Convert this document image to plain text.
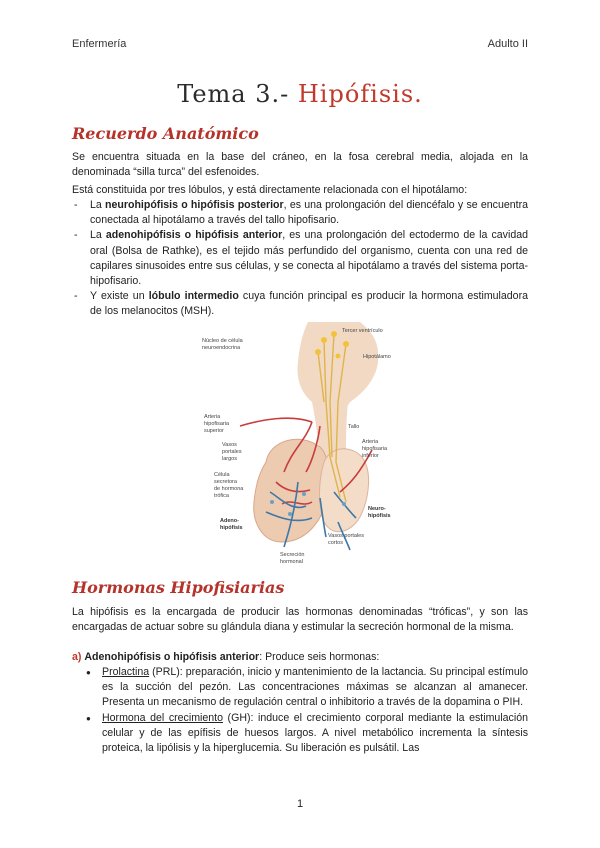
Enfermería	Adulto II
Tema 3.- Hipófisis.
Recuerdo Anatómico
Se encuentra situada en la base del cráneo, en la fosa cerebral media, alojada en la denominada “silla turca” del esfenoides.
Está constituida por tres lóbulos, y está directamente relacionada con el hipotálamo:
- La neurohipófisis o hipófisis posterior, es una prolongación del diencéfalo y se encuentra conectada al hipotálamo a través del tallo hipofisario.
- La adenohipófisis o hipófisis anterior, es una prolongación del ectodermo de la cavidad oral (Bolsa de Rathke), es el tejido más perfundido del organismo, cuenta con una red de capilares sinusoides entre sus células, y se conecta al hipotálamo a través del sistema porta-hipofisario.
- Y existe un lóbulo intermedio cuya función principal es producir la hormona estimuladora de los melanocitos (MSH).
Tercer ventrículo
Núcleo de célula
neuroendocrina
Hipotálamo
Arteria
hipofisaria
superior
Tallo
Vasos
portales
largos
Arteria
hipofisaria
inferior
Célula
secretora
de hormona
trófica
Adeno-
hipófisis
Neuro-
hipófisis
Vasos portales
cortos
Secreción
hormonal
Hormonas Hipofisiarias
La hipófisis es la encargada de producir las hormonas denominadas “tróficas”, y son las encargadas de actuar sobre su glándula diana y estimular la secreción hormonal de la misma.
a) Adenohipófisis o hipófisis anterior: Produce seis hormonas:
● Prolactina (PRL): preparación, inicio y mantenimiento de la lactancia. Su principal estímulo es la succión del pezón. Las concentraciones máximas se alcanzan al amanecer. Presenta un mecanismo de regulación central o inhibitorio a través de la dopamina o PIH.
● Hormona del crecimiento (GH): induce el crecimiento corporal mediante la estimulación celular y de las epífisis de huesos largos. A nivel metabólico incrementa la síntesis proteica, la lipólisis y la hiperglucemia. Su liberación es pulsátil. Las
1
